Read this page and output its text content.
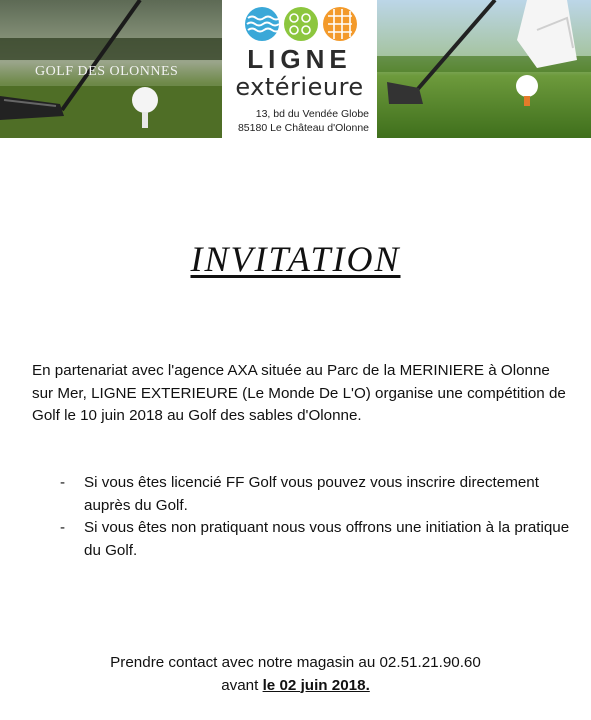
GOLF DES OLONNES	LIGNE
extérieure
13, bd du Vendée Globe
85180 Le Château d'Olonne
INVITATION

En partenariat avec l'agence AXA située au Parc de la MERINIERE à Olonne sur Mer, LIGNE EXTERIEURE (Le Monde De L'O) organise une compétition de Golf le 10 juin 2018 au Golf des sables d'Olonne.

- Si vous êtes licencié FF Golf vous pouvez vous inscrire directement auprès du Golf.
- Si vous êtes non pratiquant nous vous offrons une initiation à la pratique du Golf.
Prendre contact avec notre magasin au 02.51.21.90.60
avant le 02 juin 2018.
